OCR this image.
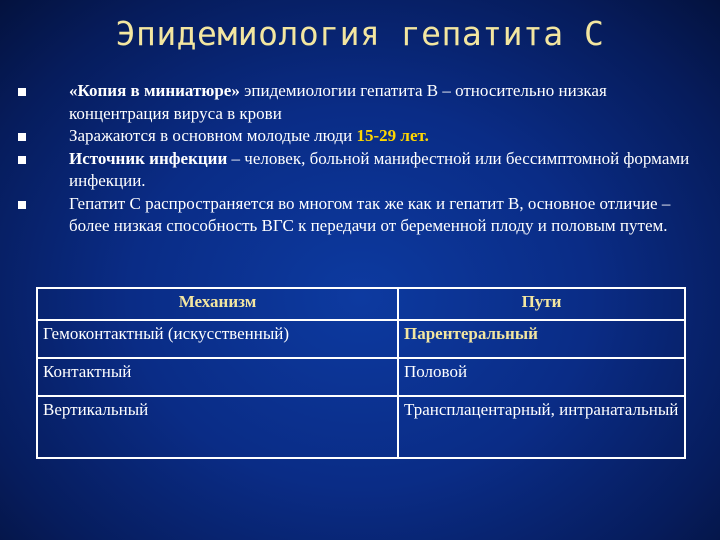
Эпидемиология гепатита С
«Копия в миниатюре» эпидемиологии гепатита В – относительно низкая концентрация вируса в крови
Заражаются в основном молодые люди 15-29 лет.
Источник инфекции – человек, больной манифестной или бессимптомной формами инфекции.
Гепатит С распространяется во многом так же как и гепатит В, основное отличие – более низкая способность ВГС к передачи от беременной плоду и половым путем.
Механизм	Пути
Гемоконтактный (искусственный)	Парентеральный
Контактный	Половой
Вертикальный	Трансплацентарный, интранатальный
